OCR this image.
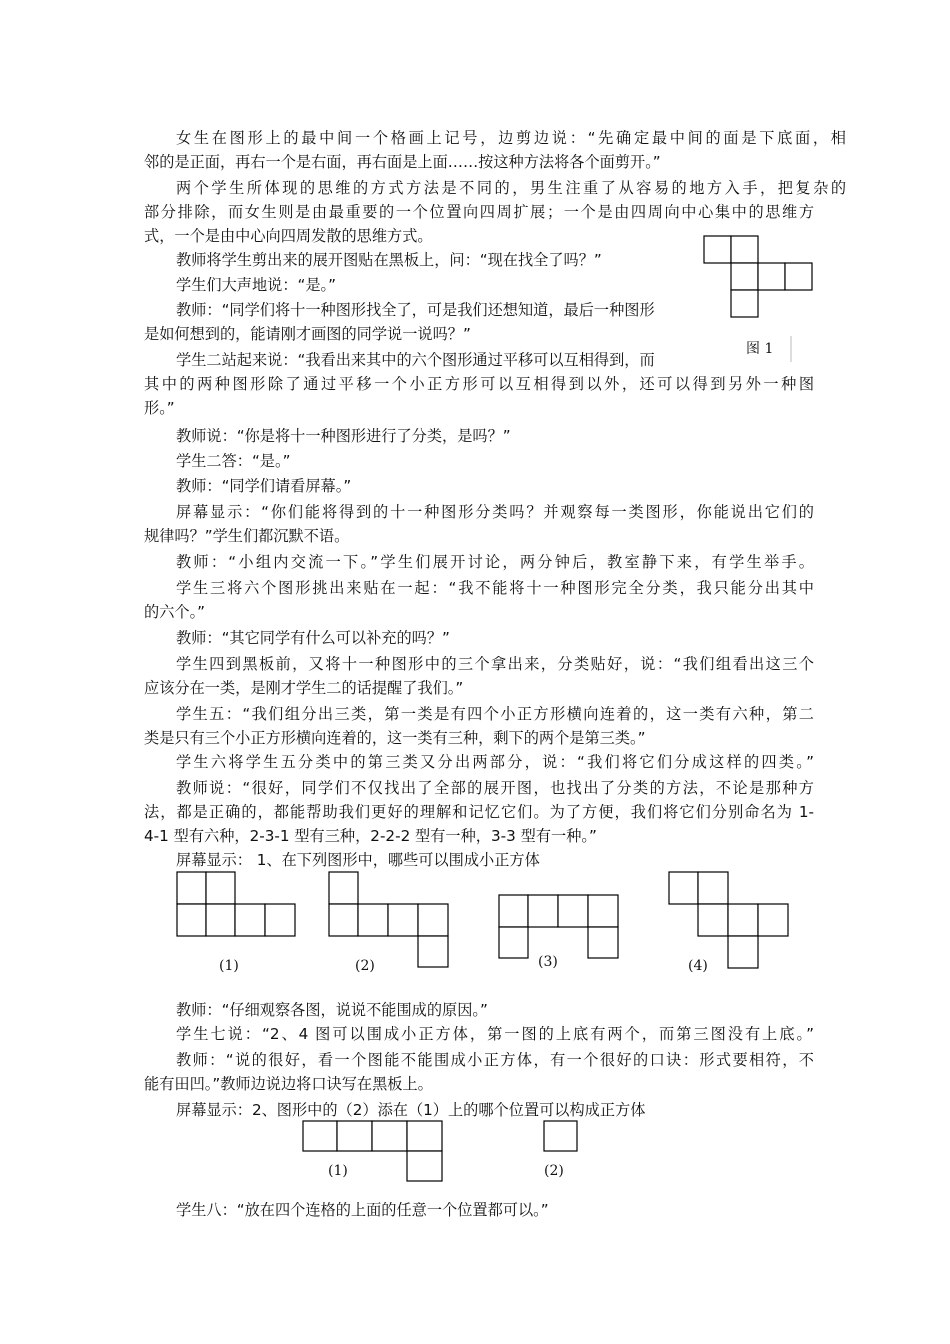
女生在图形上的最中间一个格画上记号，边剪边说：“先确定最中间的面是下底面，相
邻的是正面，再右一个是右面，再右面是上面……按这种方法将各个面剪开。”
两个学生所体现的思维的方式方法是不同的，男生注重了从容易的地方入手，把复杂的
部分排除，而女生则是由最重要的一个位置向四周扩展；一个是由四周向中心集中的思维方
式，一个是由中心向四周发散的思维方式。
教师将学生剪出来的展开图贴在黑板上，问：“现在找全了吗？”
学生们大声地说：“是。”
教师：“同学们将十一种图形找全了，可是我们还想知道，最后一种图形
是如何想到的，能请刚才画图的同学说一说吗？”
学生二站起来说：“我看出来其中的六个图形通过平移可以互相得到，而
其中的两种图形除了通过平移一个小正方形可以互相得到以外，还可以得到另外一种图
形。”
教师说：“你是将十一种图形进行了分类，是吗？”
学生二答：“是。”
教师：“同学们请看屏幕。”
屏幕显示：“你们能将得到的十一种图形分类吗？并观察每一类图形，你能说出它们的
规律吗？”学生们都沉默不语。
教师：“小组内交流一下。”学生们展开讨论，两分钟后，教室静下来，有学生举手。
学生三将六个图形挑出来贴在一起：“我不能将十一种图形完全分类，我只能分出其中
的六个。”
教师：“其它同学有什么可以补充的吗？”
学生四到黑板前，又将十一种图形中的三个拿出来，分类贴好，说：“我们组看出这三个
应该分在一类，是刚才学生二的话提醒了我们。”
学生五：“我们组分出三类，第一类是有四个小正方形横向连着的，这一类有六种，第二
类是只有三个小正方形横向连着的，这一类有三种，剩下的两个是第三类。”
学生六将学生五分类中的第三类又分出两部分，说：“我们将它们分成这样的四类。”
教师说：“很好，同学们不仅找出了全部的展开图，也找出了分类的方法，不论是那种方
法，都是正确的，都能帮助我们更好的理解和记忆它们。为了方便，我们将它们分别命名为 1-
4-1 型有六种，2-3-1 型有三种，2-2-2 型有一种，3-3 型有一种。”
屏幕显示： 1、在下列图形中，哪些可以围成小正方体
教师：“仔细观察各图，说说不能围成的原因。”
学生七说：“2、4 图可以围成小正方体，第一图的上底有两个，而第三图没有上底。”
教师：“说的很好，看一个图能不能围成小正方体，有一个很好的口诀：形式要相符，不
能有田凹。”教师边说边将口诀写在黑板上。
屏幕显示：2、图形中的（2）添在（1）上的哪个位置可以构成正方体
学生八：“放在四个连格的上面的任意一个位置都可以。”
图 1
(1)	(2)	(3)	(4)
(1)	(2)
